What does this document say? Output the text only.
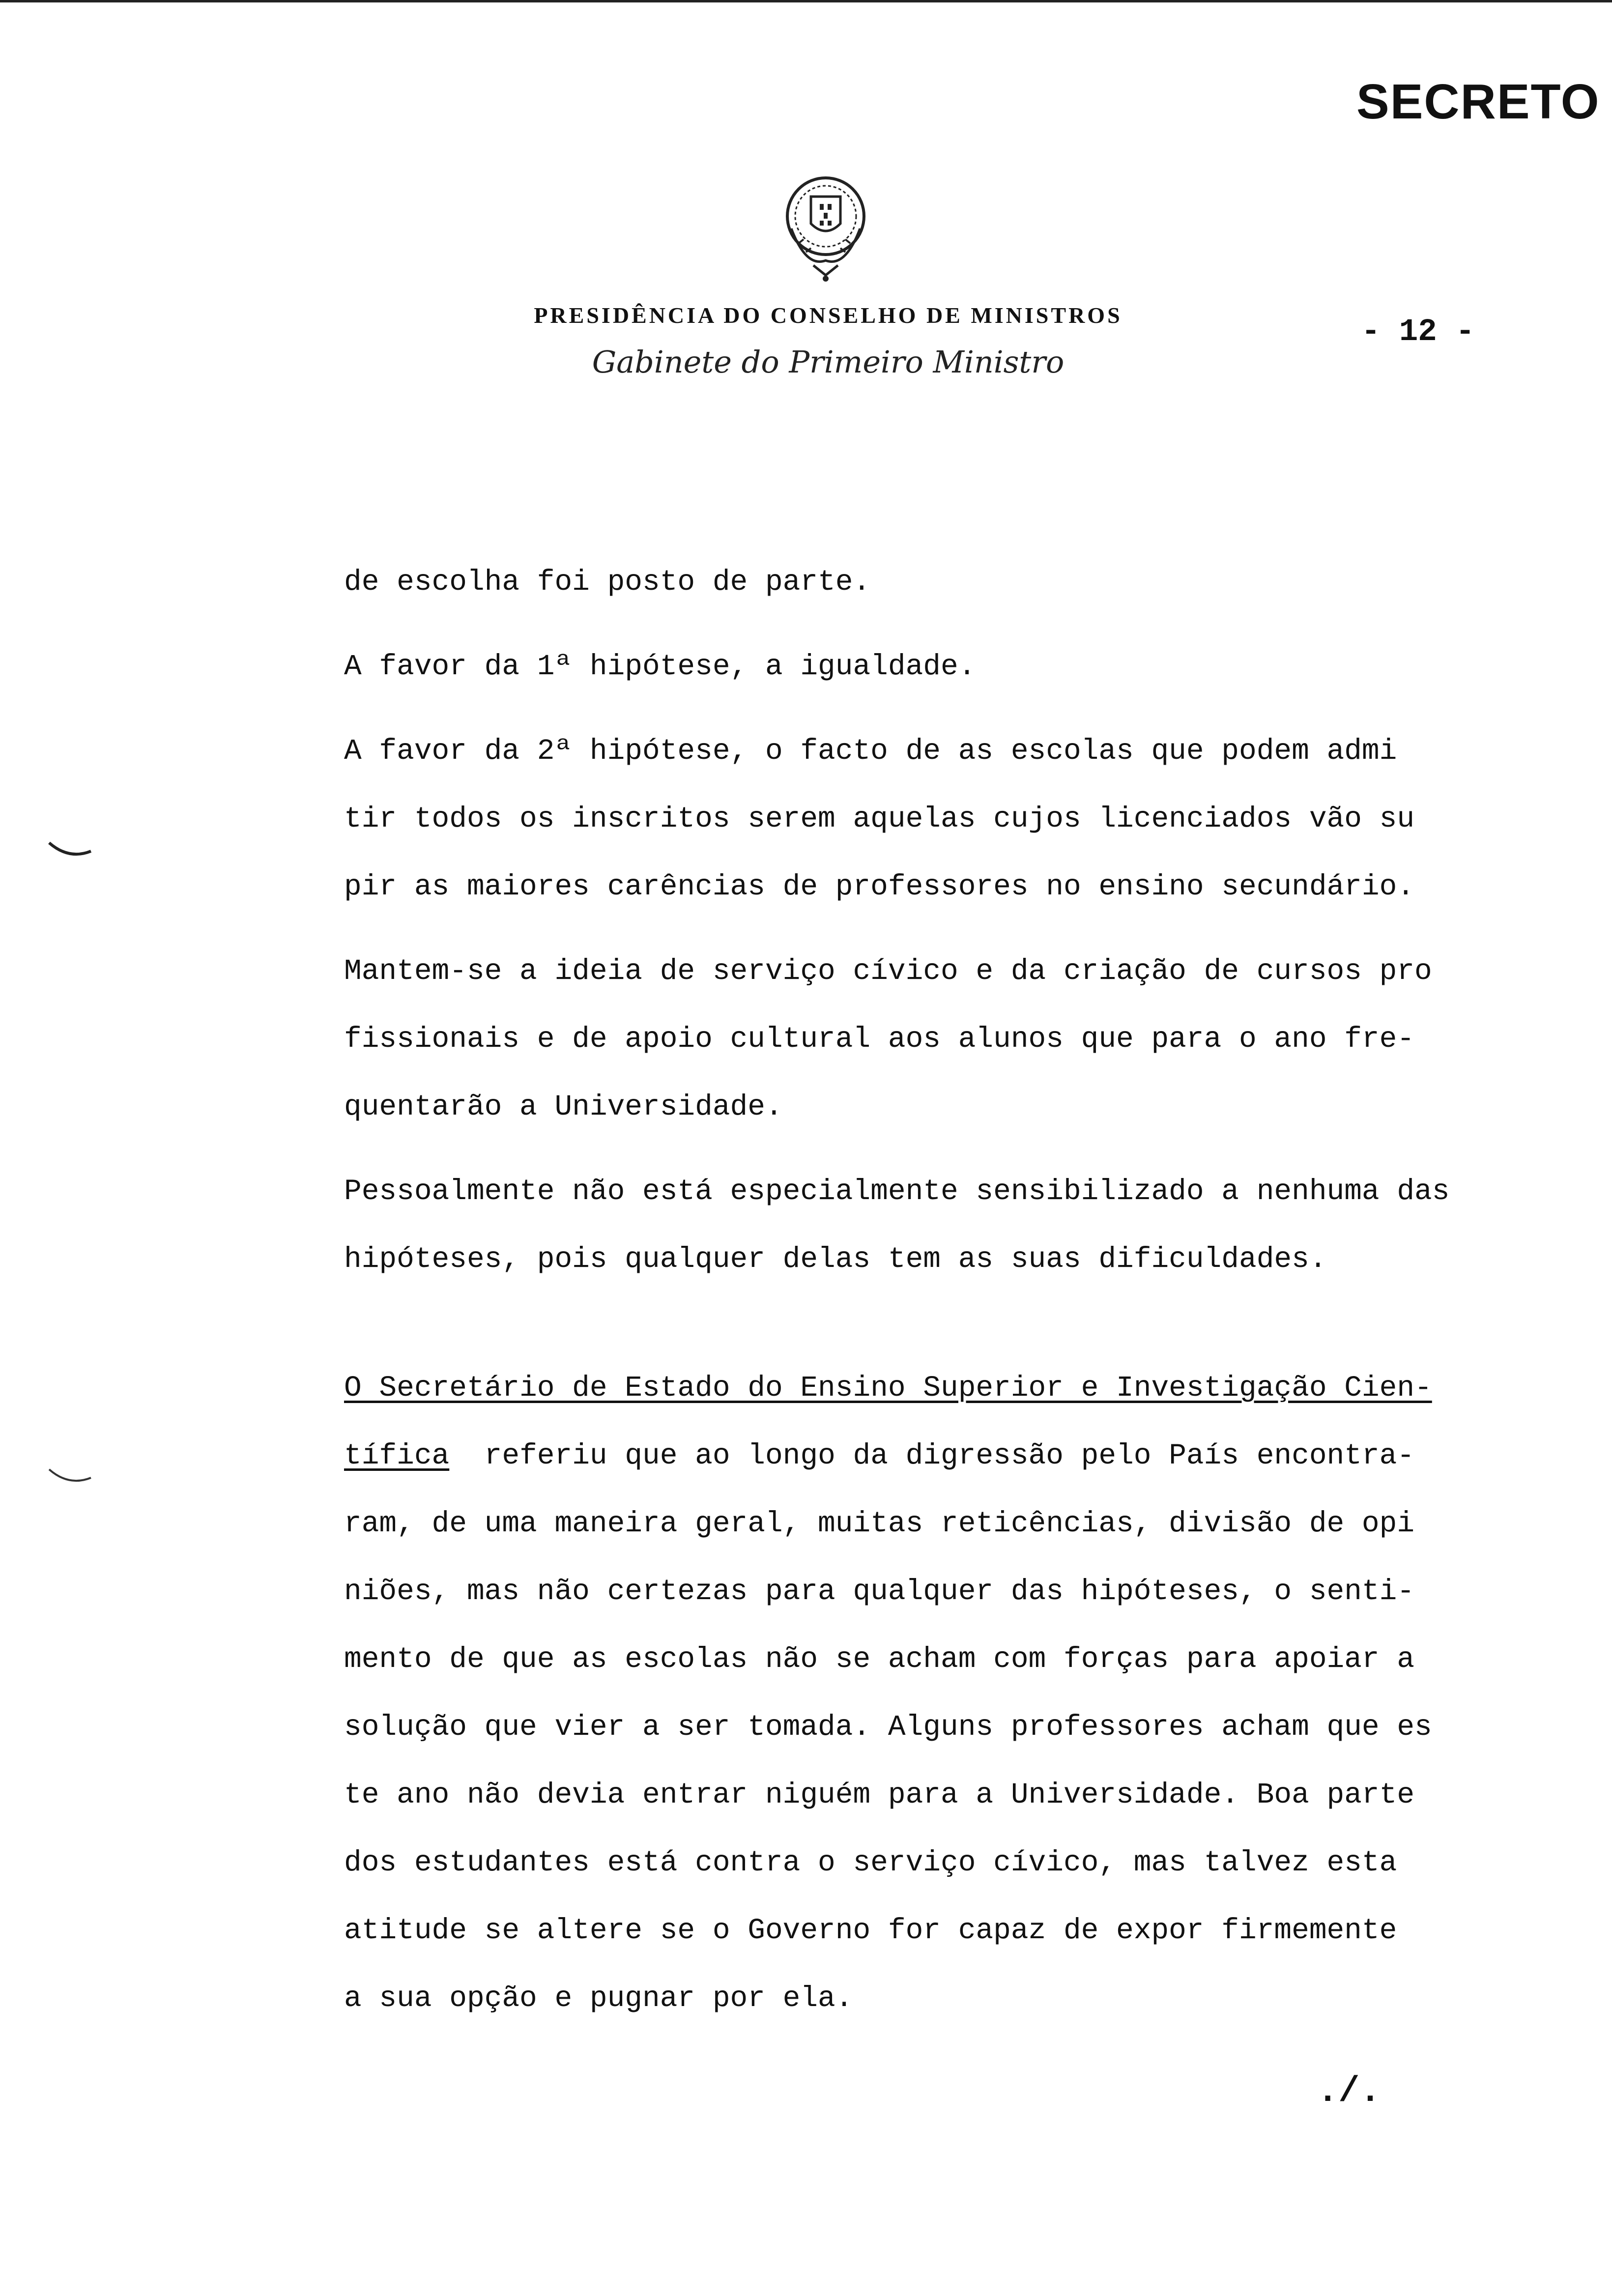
SECRETO
PRESIDÊNCIA DO CONSELHO DE MINISTROS
Gabinete do Primeiro Ministro
- 12 -
de escolha foi posto de parte.
A favor da 1ª hipótese, a igualdade.
A favor da 2ª hipótese, o facto de as escolas que podem admi
tir todos os inscritos serem aquelas cujos licenciados vão su
pir as maiores carências de professores no ensino secundário.
Mantem-se a ideia de serviço cívico e da criação de cursos pro
fissionais e de apoio cultural aos alunos que para o ano fre-
quentarão a Universidade.
Pessoalmente não está especialmente sensibilizado a nenhuma das
hipóteses, pois qualquer delas tem as suas dificuldades.
O Secretário de Estado do Ensino Superior e Investigação Cien-
tífica referiu que ao longo da digressão pelo País encontra-
ram, de uma maneira geral, muitas reticências, divisão de opi
niões, mas não certezas para qualquer das hipóteses, o senti-
mento de que as escolas não se acham com forças para apoiar a
solução que vier a ser tomada. Alguns professores acham que es
te ano não devia entrar niguém para a Universidade. Boa parte
dos estudantes está contra o serviço cívico, mas talvez esta
atitude se altere se o Governo for capaz de expor firmemente
a sua opção e pugnar por ela.
./.
